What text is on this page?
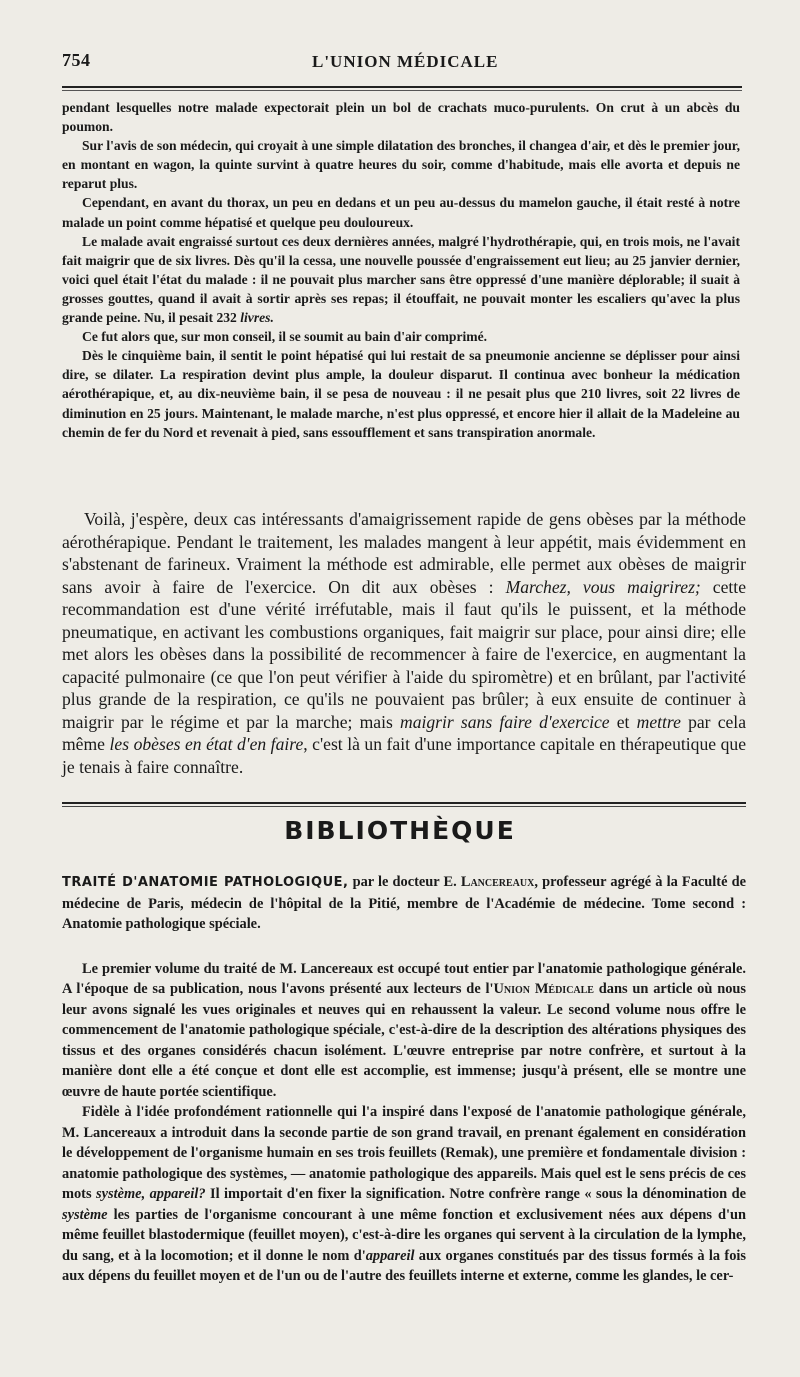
754	L'UNION MÉDICALE

pendant lesquelles notre malade expectorait plein un bol de crachats muco-purulents. On crut à un abcès du poumon.

Sur l'avis de son médecin, qui croyait à une simple dilatation des bronches, il changea d'air, et dès le premier jour, en montant en wagon, la quinte survint à quatre heures du soir, comme d'habitude, mais elle avorta et depuis ne reparut plus.

Cependant, en avant du thorax, un peu en dedans et un peu au-dessus du mamelon gauche, il était resté à notre malade un point comme hépatisé et quelque peu douloureux.

Le malade avait engraissé surtout ces deux dernières années, malgré l'hydrothérapie, qui, en trois mois, ne l'avait fait maigrir que de six livres. Dès qu'il la cessa, une nouvelle poussée d'engraissement eut lieu; au 25 janvier dernier, voici quel était l'état du malade : il ne pouvait plus marcher sans être oppressé d'une manière déplorable; il suait à grosses gouttes, quand il avait à sortir après ses repas; il étouffait, ne pouvait monter les escaliers qu'avec la plus grande peine. Nu, il pesait 232 livres.

Ce fut alors que, sur mon conseil, il se soumit au bain d'air comprimé.

Dès le cinquième bain, il sentit le point hépatisé qui lui restait de sa pneumonie ancienne se déplisser pour ainsi dire, se dilater. La respiration devint plus ample, la douleur disparut. Il continua avec bonheur la médication aérothérapique, et, au dix-neuvième bain, il se pesa de nouveau : il ne pesait plus que 210 livres, soit 22 livres de diminution en 25 jours. Maintenant, le malade marche, n'est plus oppressé, et encore hier il allait de la Madeleine au chemin de fer du Nord et revenait à pied, sans essoufflement et sans transpiration anormale.

Voilà, j'espère, deux cas intéressants d'amaigrissement rapide de gens obèses par la méthode aérothérapique. Pendant le traitement, les malades mangent à leur appétit, mais évidemment en s'abstenant de farineux. Vraiment la méthode est admirable, elle permet aux obèses de maigrir sans avoir à faire de l'exercice. On dit aux obèses : Marchez, vous maigrirez; cette recommandation est d'une vérité irréfutable, mais il faut qu'ils le puissent, et la méthode pneumatique, en activant les combustions organiques, fait maigrir sur place, pour ainsi dire; elle met alors les obèses dans la possibilité de recommencer à faire de l'exercice, en augmentant la capacité pulmonaire (ce que l'on peut vérifier à l'aide du spiromètre) et en brûlant, par l'activité plus grande de la respiration, ce qu'ils ne pouvaient pas brûler; à eux ensuite de continuer à maigrir par le régime et par la marche; mais maigrir sans faire d'exercice et mettre par cela même les obèses en état d'en faire, c'est là un fait d'une importance capitale en thérapeutique que je tenais à faire connaître.

BIBLIOTHÈQUE

TRAITÉ D'ANATOMIE PATHOLOGIQUE, par le docteur E. Lancereaux, professeur agrégé à la Faculté de médecine de Paris, médecin de l'hôpital de la Pitié, membre de l'Académie de médecine. Tome second : Anatomie pathologique spéciale.

Le premier volume du traité de M. Lancereaux est occupé tout entier par l'anatomie pathologique générale. A l'époque de sa publication, nous l'avons présenté aux lecteurs de l'Union Médicale dans un article où nous leur avons signalé les vues originales et neuves qui en rehaussent la valeur. Le second volume nous offre le commencement de l'anatomie pathologique spéciale, c'est-à-dire de la description des altérations physiques des tissus et des organes considérés chacun isolément. L'œuvre entreprise par notre confrère, et surtout à la manière dont elle a été conçue et dont elle est accomplie, est immense; jusqu'à présent, elle se montre une œuvre de haute portée scientifique.

Fidèle à l'idée profondément rationnelle qui l'a inspiré dans l'exposé de l'anatomie pathologique générale, M. Lancereaux a introduit dans la seconde partie de son grand travail, en prenant également en considération le développement de l'organisme humain en ses trois feuillets (Remak), une première et fondamentale division : anatomie pathologique des systèmes, — anatomie pathologique des appareils. Mais quel est le sens précis de ces mots système, appareil? Il importait d'en fixer la signification. Notre confrère range « sous la dénomination de système les parties de l'organisme concourant à une même fonction et exclusivement nées aux dépens d'un même feuillet blastodermique (feuillet moyen), c'est-à-dire les organes qui servent à la circulation de la lymphe, du sang, et à la locomotion; et il donne le nom d'appareil aux organes constitués par des tissus formés à la fois aux dépens du feuillet moyen et de l'un ou de l'autre des feuillets interne et externe, comme les glandes, le cer-
